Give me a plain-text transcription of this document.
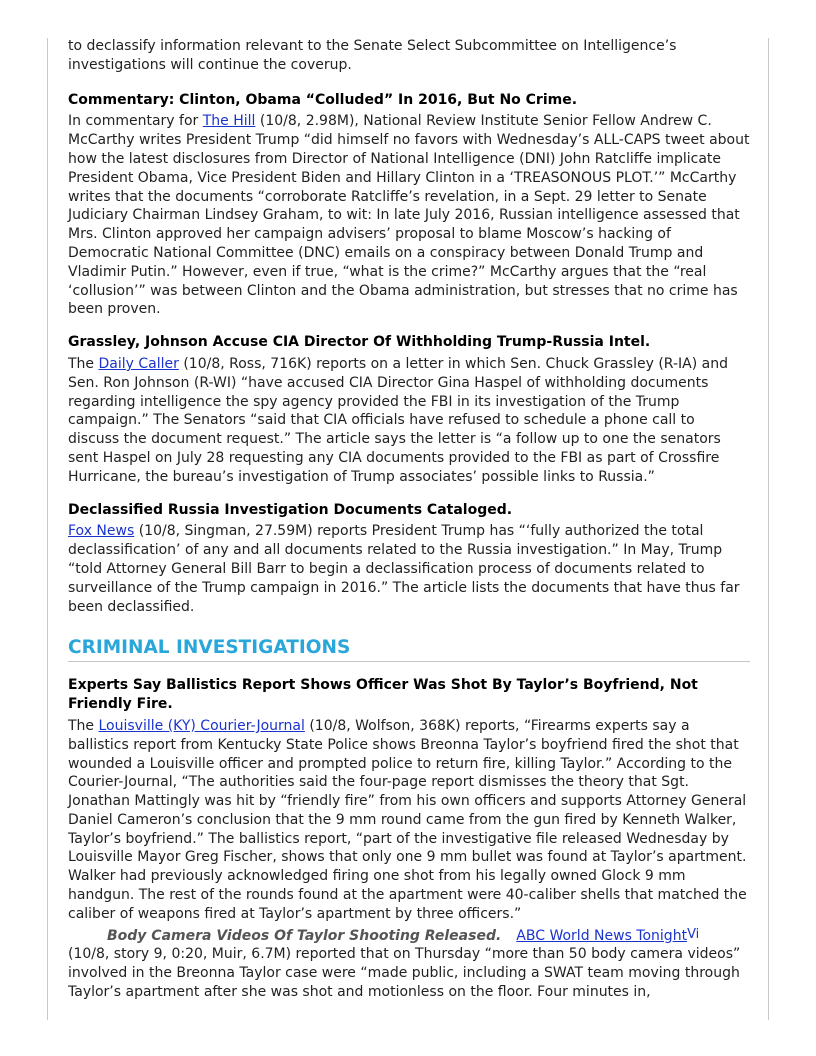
to declassify information relevant to the Senate Select Subcommittee on Intelligence’s investigations will continue the coverup.

Commentary: Clinton, Obama “Colluded” In 2016, But No Crime.

In commentary for The Hill (10/8, 2.98M), National Review Institute Senior Fellow Andrew C. McCarthy writes President Trump “did himself no favors with Wednesday’s ALL-CAPS tweet about how the latest disclosures from Director of National Intelligence (DNI) John Ratcliffe implicate President Obama, Vice President Biden and Hillary Clinton in a ‘TREASONOUS PLOT.’” McCarthy writes that the documents “corroborate Ratcliffe’s revelation, in a Sept. 29 letter to Senate Judiciary Chairman Lindsey Graham, to wit: In late July 2016, Russian intelligence assessed that Mrs. Clinton approved her campaign advisers’ proposal to blame Moscow’s hacking of Democratic National Committee (DNC) emails on a conspiracy between Donald Trump and Vladimir Putin.” However, even if true, “what is the crime?” McCarthy argues that the “real ‘collusion’” was between Clinton and the Obama administration, but stresses that no crime has been proven.

Grassley, Johnson Accuse CIA Director Of Withholding Trump-Russia Intel.

The Daily Caller (10/8, Ross, 716K) reports on a letter in which Sen. Chuck Grassley (R-IA) and Sen. Ron Johnson (R-WI) “have accused CIA Director Gina Haspel of withholding documents regarding intelligence the spy agency provided the FBI in its investigation of the Trump campaign.” The Senators “said that CIA officials have refused to schedule a phone call to discuss the document request.” The article says the letter is “a follow up to one the senators sent Haspel on July 28 requesting any CIA documents provided to the FBI as part of Crossfire Hurricane, the bureau’s investigation of Trump associates’ possible links to Russia.”

Declassified Russia Investigation Documents Cataloged.

Fox News (10/8, Singman, 27.59M) reports President Trump has “‘fully authorized the total declassification’ of any and all documents related to the Russia investigation.” In May, Trump “told Attorney General Bill Barr to begin a declassification process of documents related to surveillance of the Trump campaign in 2016.” The article lists the documents that have thus far been declassified.

CRIMINAL INVESTIGATIONS
Experts Say Ballistics Report Shows Officer Was Shot By Taylor’s Boyfriend, Not Friendly Fire.

The Louisville (KY) Courier-Journal (10/8, Wolfson, 368K) reports, “Firearms experts say a ballistics report from Kentucky State Police shows Breonna Taylor’s boyfriend fired the shot that wounded a Louisville officer and prompted police to return fire, killing Taylor.” According to the Courier-Journal, “The authorities said the four-page report dismisses the theory that Sgt. Jonathan Mattingly was hit by “friendly fire” from his own officers and supports Attorney General Daniel Cameron’s conclusion that the 9 mm round came from the gun fired by Kenneth Walker, Taylor’s boyfriend.” The ballistics report, “part of the investigative file released Wednesday by Louisville Mayor Greg Fischer, shows that only one 9 mm bullet was found at Taylor’s apartment. Walker had previously acknowledged firing one shot from his legally owned Glock 9 mm handgun. The rest of the rounds found at the apartment were 40-caliber shells that matched the caliber of weapons fired at Taylor’s apartment by three officers.”

Body Camera Videos Of Taylor Shooting Released. ABC World News TonightVi
(10/8, story 9, 0:20, Muir, 6.7M) reported that on Thursday “more than 50 body camera videos” involved in the Breonna Taylor case were “made public, including a SWAT team moving through Taylor’s apartment after she was shot and motionless on the floor. Four minutes in,
